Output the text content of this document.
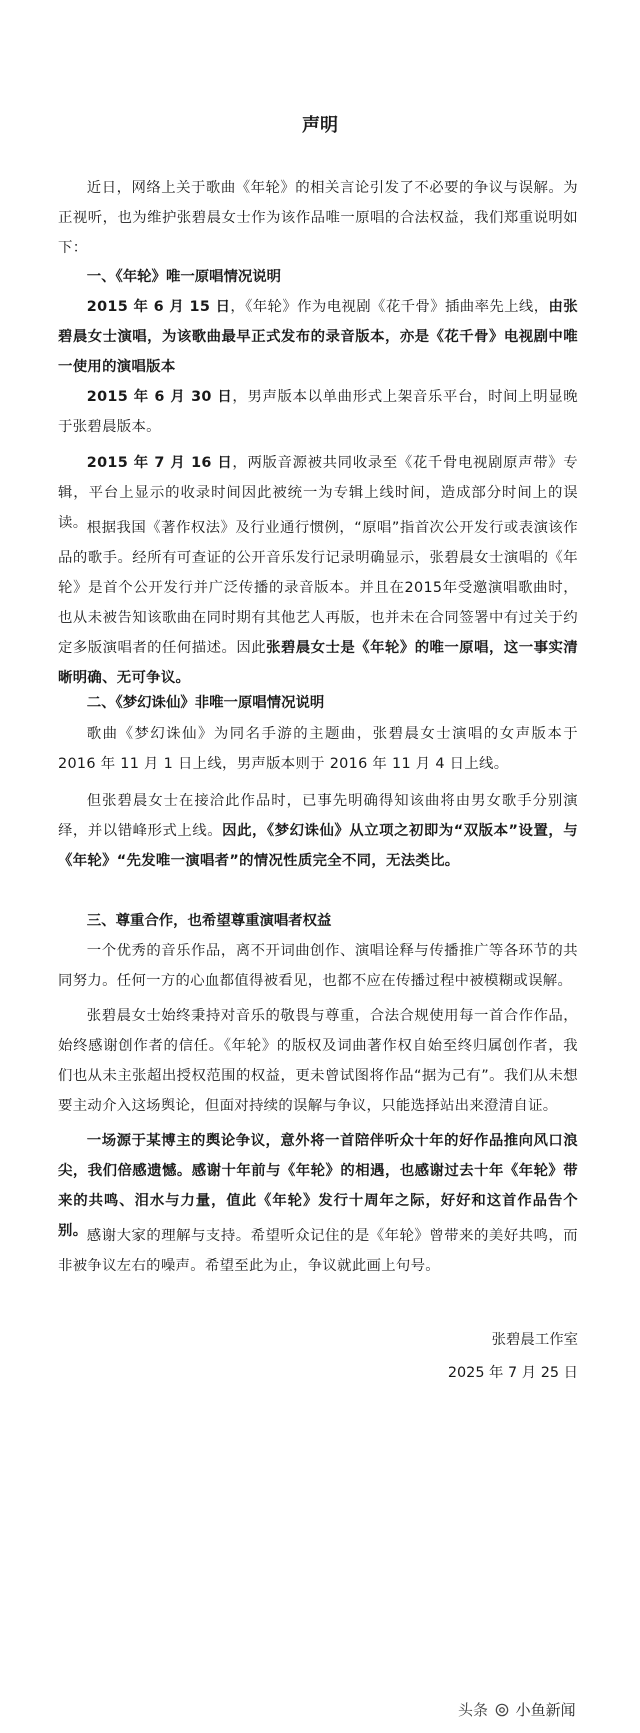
声明

近日，网络上关于歌曲《年轮》的相关言论引发了不必要的争议与误解。为正视听，也为维护张碧晨女士作为该作品唯一原唱的合法权益，我们郑重说明如下：

一、《年轮》唯一原唱情况说明

2015 年 6 月 15 日，《年轮》作为电视剧《花千骨》插曲率先上线，由张碧晨女士演唱，为该歌曲最早正式发布的录音版本，亦是《花千骨》电视剧中唯一使用的演唱版本

2015 年 6 月 30 日，男声版本以单曲形式上架音乐平台，时间上明显晚于张碧晨版本。

2015 年 7 月 16 日，两版音源被共同收录至《花千骨电视剧原声带》专辑，平台上显示的收录时间因此被统一为专辑上线时间，造成部分时间上的误读。 根据我国《著作权法》及行业通行惯例，“原唱”指首次公开发行或表演该作品的歌手。经所有可查证的公开音乐发行记录明确显示，张碧晨女士演唱的《年轮》是首个公开发行并广泛传播的录音版本。并且在2015年受邀演唱歌曲时，也从未被告知该歌曲在同时期有其他艺人再版，也并未在合同签署中有过关于约定多版演唱者的任何描述。因此张碧晨女士是《年轮》的唯一原唱，这一事实清晰明确、无可争议。

二、《梦幻诛仙》非唯一原唱情况说明

歌曲《梦幻诛仙》为同名手游的主题曲，张碧晨女士演唱的女声版本于 2016 年 11 月 1 日上线，男声版本则于 2016 年 11 月 4 日上线。

但张碧晨女士在接洽此作品时，已事先明确得知该曲将由男女歌手分别演绎，并以错峰形式上线。因此，《梦幻诛仙》从立项之初即为“双版本”设置，与《年轮》“先发唯一演唱者”的情况性质完全不同，无法类比。

三、尊重合作，也希望尊重演唱者权益

一个优秀的音乐作品，离不开词曲创作、演唱诠释与传播推广等各环节的共同努力。任何一方的心血都值得被看见，也都不应在传播过程中被模糊或误解。

张碧晨女士始终秉持对音乐的敬畏与尊重，合法合规使用每一首合作作品，始终感谢创作者的信任。《年轮》的版权及词曲著作权自始至终归属创作者，我们也从未主张超出授权范围的权益，更未曾试图将作品“据为己有”。我们从未想要主动介入这场舆论，但面对持续的误解与争议，只能选择站出来澄清自证。

一场源于某博主的舆论争议，意外将一首陪伴听众十年的好作品推向风口浪尖，我们倍感遗憾。感谢十年前与《年轮》的相遇，也感谢过去十年《年轮》带来的共鸣、泪水与力量，值此《年轮》发行十周年之际，好好和这首作品告个别。 感谢大家的理解与支持。希望听众记住的是《年轮》曾带来的美好共鸣，而非被争议左右的噪声。希望至此为止，争议就此画上句号。

张碧晨工作室

2025 年 7 月 25 日

头条 小鱼新闻
